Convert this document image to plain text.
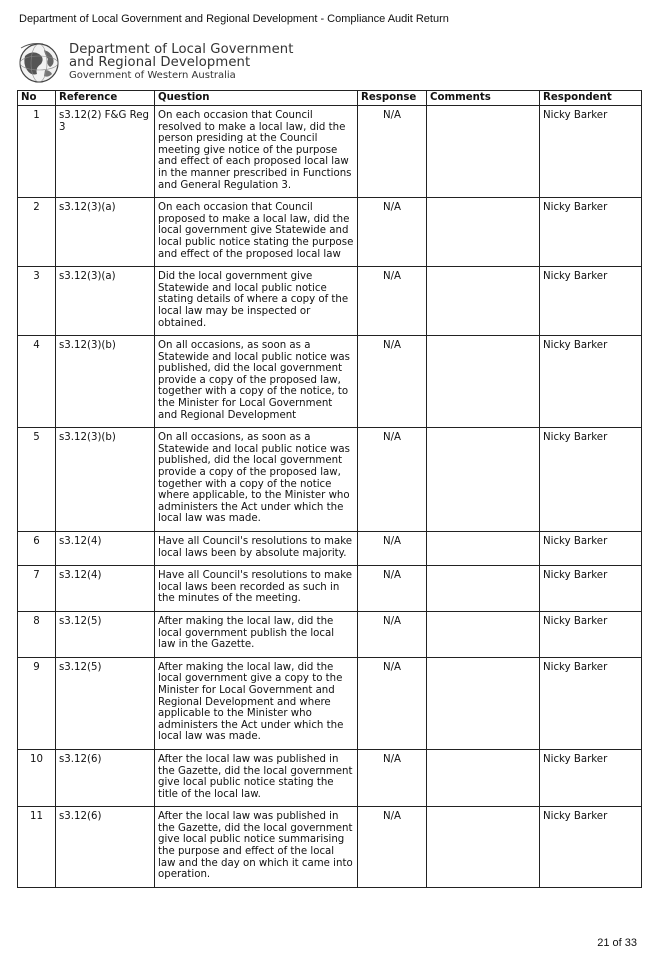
Department of Local Government and Regional Development - Compliance Audit Return
Department of Local Government
and Regional Development
Government of Western Australia
No	Reference	Question	Response	Comments	Respondent
1	s3.12(2) F&G Reg 3	On each occasion that Council resolved to make a local law, did the person presiding at the Council meeting give notice of the purpose and effect of each proposed local law in the manner prescribed in Functions and General Regulation 3.	N/A		Nicky Barker
2	s3.12(3)(a)	On each occasion that Council proposed to make a local law, did the local government give Statewide and local public notice stating the purpose and effect of the proposed local law	N/A		Nicky Barker
3	s3.12(3)(a)	Did the local government give Statewide and local public notice stating details of where a copy of the local law may be inspected or obtained.	N/A		Nicky Barker
4	s3.12(3)(b)	On all occasions, as soon as a Statewide and local public notice was published, did the local government provide a copy of the proposed law, together with a copy of the notice, to the Minister for Local Government and Regional Development	N/A		Nicky Barker
5	s3.12(3)(b)	On all occasions, as soon as a Statewide and local public notice was published, did the local government provide a copy of the proposed law, together with a copy of the notice where applicable, to the Minister who administers the Act under which the local law was made.	N/A		Nicky Barker
6	s3.12(4)	Have all Council's resolutions to make local laws been by absolute majority.	N/A		Nicky Barker
7	s3.12(4)	Have all Council's resolutions to make local laws been recorded as such in the minutes of the meeting.	N/A		Nicky Barker
8	s3.12(5)	After making the local law, did the local government publish the local law in the Gazette.	N/A		Nicky Barker
9	s3.12(5)	After making the local law, did the local government give a copy to the Minister for Local Government and Regional Development and where applicable to the Minister who administers the Act under which the local law was made.	N/A		Nicky Barker
10	s3.12(6)	After the local law was published in the Gazette, did the local government give local public notice stating the title of the local law.	N/A		Nicky Barker
11	s3.12(6)	After the local law was published in the Gazette, did the local government give local public notice summarising the purpose and effect of the local law and the day on which it came into operation.	N/A		Nicky Barker
21 of 33
